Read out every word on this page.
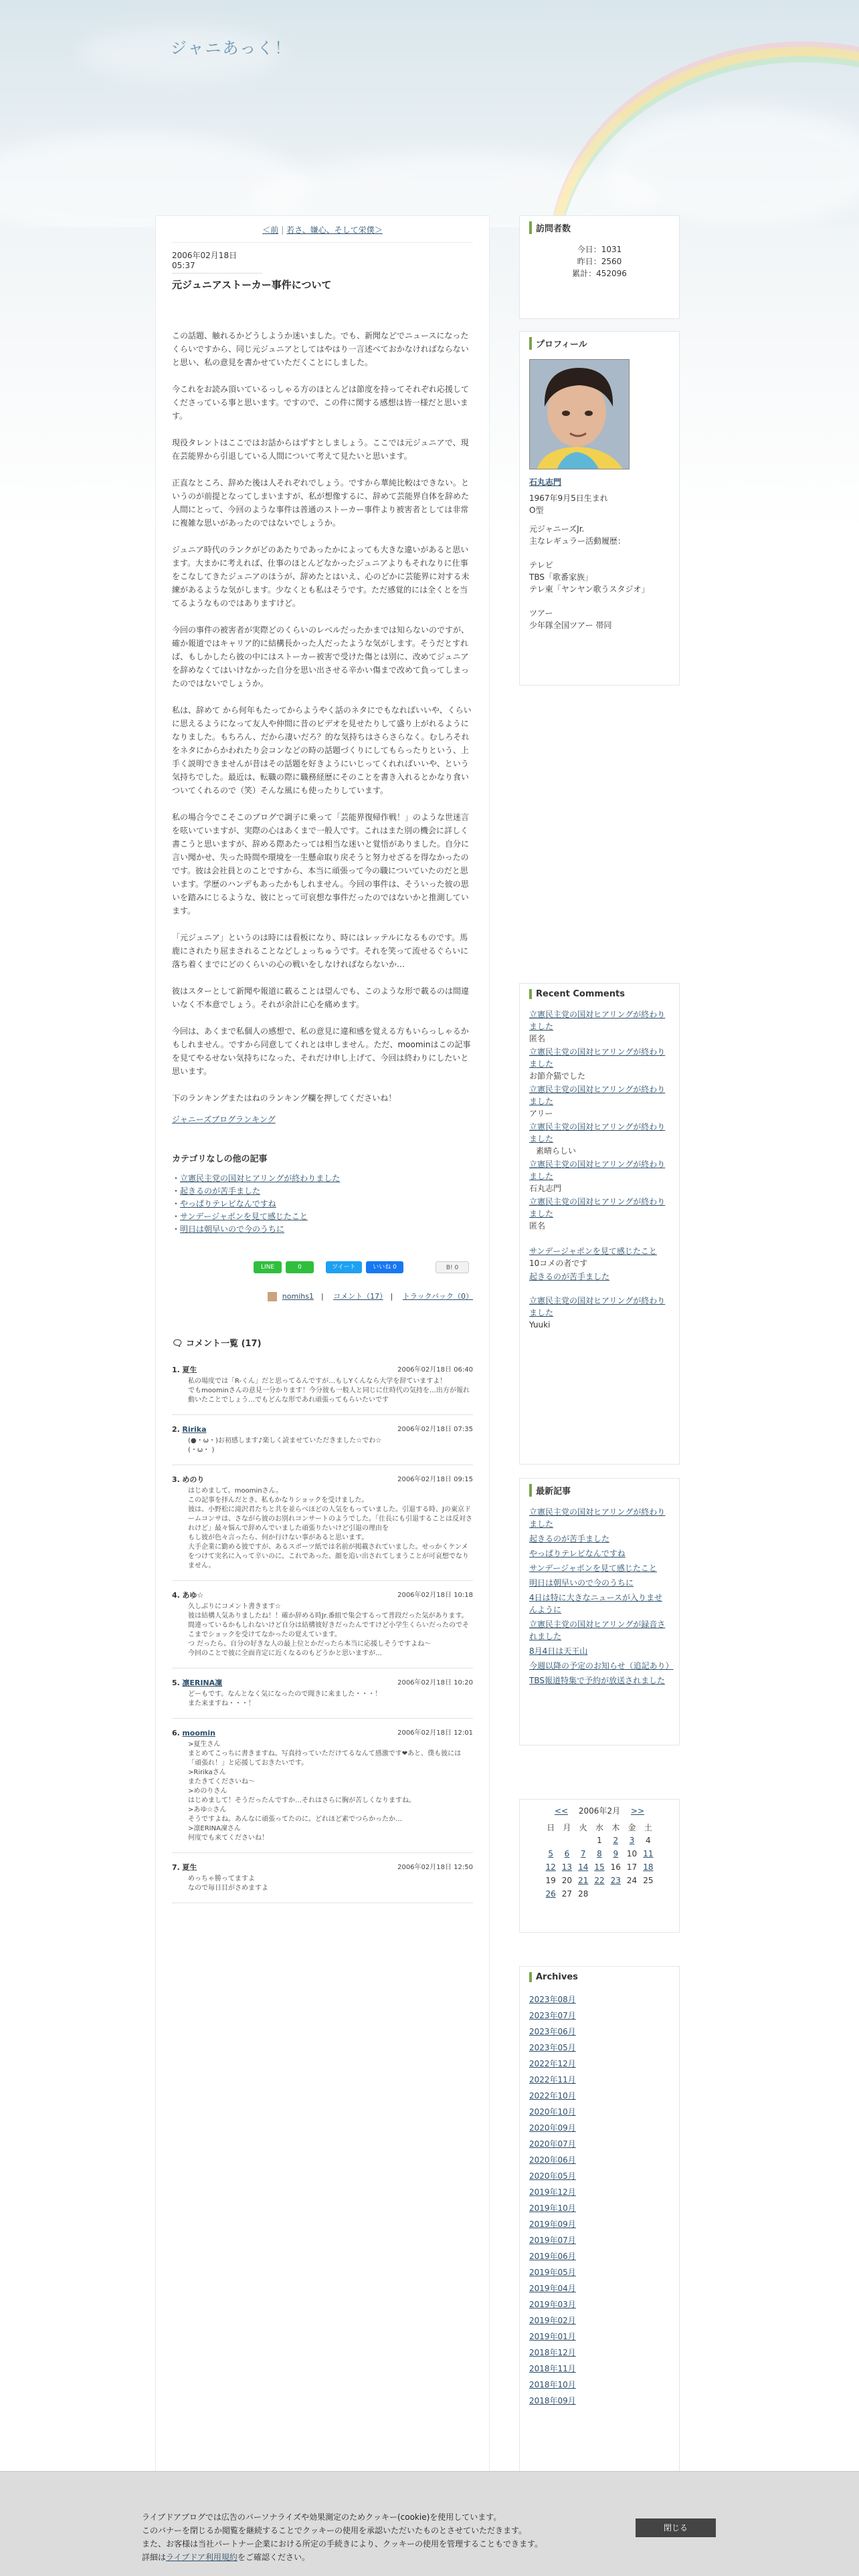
ジャニあっく！
＜前 | 若さ、嫌心、そして栄僕＞
2006年02月18日 05:37
元ジュニアストーカー事件について

この話題、触れるかどうしようか迷いました。でも、新聞などでニュースになったくらいですから、同じ元ジュニアとしてはやはり一言述べておかなければならないと思い、私の意見を書かせていただくことにしました。

今これをお読み頂いているっしゃる方のほとんどは節度を持ってそれぞれ応援してくださっている事と思います。ですので、この件に関する感想は皆一様だと思います。

現役タレントはここではお話からはずすとしましょう。ここでは元ジュニアで、現在芸能界から引退している人間について考えて見たいと思います。

正直なところ、辞めた後は人それぞれでしょう。ですから華純比較はできない。というのが前提となってしまいますが、私が想像するに、辞めて芸能界自体を辞めた人間にとって、今回のような事件は普通のストーカー事件より被害者としては非常に複雑な思いがあったのではないでしょうか。

ジュニア時代のランクがどのあたりであったかによっても大きな違いがあると思います。大まかに考えれば、仕事のほとんどなかったジュニアよりもそれなりに仕事をこなしてきたジュニアのほうが、辞めたとはいえ、心のどかに芸能界に対する未練があるような気がします。少なくとも私はそうです。ただ感覚的には全くとを当てるようなものではありますけど。

今回の事件の被害者が実際どのくらいのレベルだったかまでは知らないのですが、確か報道ではキャリア的に結構長かった人だったような気がします。そうだとすれば、もしかしたら彼の中にはストーカー被害で受けた傷とは別に、改めてジュニアを辞めなくてはいけなかった自分を思い出させる辛かい傷まで改めて負ってしまったのではないでしょうか。

私は、辞めて から何年もたってからようやく話のネタにでもなればいいや、くらいに思えるようになって友人や仲間に昔のビデオを見せたりして盛り上がれるようになりました。もちろん、だから凄いだろ？的な気持ちはさらさらなく。むしろそれをネタにからかわれたり会コンなどの時の話題づくりにしてもらったりという、上手く説明できませんが昔はその話題を好きようにいじってくれればいいや、という気持ちでした。最近は、転職の際に職務経歴にそのことを書き入れるとかなり食いついてくれるので（笑）そんな風にも使ったりしています。

私の場合今でこそこのブログで調子に乗って「芸能界復帰作戦！」のような世迷言を呟いていますが、実際の心はあくまで一般人です。これはまた別の機会に詳しく書こうと思いますが、辞める際あたっては相当な迷いと覚悟がありました。自分に言い聞かせ、失った時間や環境を一生懸命取り戻そうと努力せざるを得なかったのです。彼は会社員とのことですから、本当に頑張って今の職についていたのだと思います。学歴のハンデもあったかもしれません。今回の事件は、そういった彼の思いを踏みにじるような、彼にとって可哀想な事件だったのではないかと推測しています。

「元ジュニア」というのは時には看板になり、時にはレッテルになるものです。馬鹿にされたり屈まされることなどしょっちゅうです。それを笑って流せるぐらいに落ち着くまでにどのくらいの心の戦いをしなければならないか…

彼はスターとして新聞や報道に載ることは望んでも、このような形で載るのは間違いなく不本意でしょう。それが余計に心を痛めます。

今回は、あくまで私個人の感想で、私の意見に違和感を覚える方もいらっしゃるかもしれません。ですから同意してくれとは申しません。ただ、moominはこの記事を見てやるせない気持ちになった、それだけ申し上げて、今回は終わりにしたいと思います。

下のランキングまたはねのランキング欄を押してくださいね！

ジャニーズブログランキング
カテゴリなしの他の記事
・ 立憲民主党の国対ヒアリングが終わりました
・ 起きるのが苦手ました
・ やっぱりテレビなんですね
・ サンデージャポンを見て感じたこと
・ 明日は朝早いので今のうちに
LINE	0	ツイート	いいね 0	B! 0
nomihs1　|　 コメント（17）　|　 トラックバック（0）
🗨 コメント一覧 (17)
1. 夏生	2006年02月18日 06:40
私の場度では「R-くん」だと思ってるんですが…もしYくんなら大学を辞ていますよ！
でもmoominさんの意見一分かります！今分彼も一般人と同じに仕時代の気持を…出方が報れ動いたことでしょう…でもどんな形であれ頑張ってもらいたいです
2. Ririka	2006年02月18日 07:35
(●・ω・)お初感します♪楽しく読ませていただきました☆でわ☆
(・ω・ )
3. めのり	2006年02月18日 09:15
はじめまして。moominさん。
この記事を拝んだとき、私もかなりショックを受けました。
彼は、小野松に滝沢君たちと共を並らべほどの人気をもっていました。引退する時、Jの東京ドームコンサは、さながら彼のお別れコンサートのようでした。「仕長にも引退することは反対されけど」最々悩んで辞めんでいました頑張りたいけど引退の理由を
もし彼が色々言ったら、何か行けない事があると思います。
大手企業に勤める彼ですが、あるスポーツ紙では名前が掲載されていました。せっかくケンメをつけて実名に入って辛いのに。これであった、顔を追い出されてしまうことが可哀想でなりません。
4. あゆ☆	2006年02月18日 10:18
久しぶりにコメント書きます☆
彼は結構人気ありましたね！！確か辞める時Jr.番組で集会するって普段だった気があります。間違っているかもしれないけど自分は結構彼好きだったんですけど小学生くらいだったのでそこまでショックを受けてなかったの覚えています。
つ だったら、自分の好きな人の最上位とかだったら本当に応援しそうですよね〜
今回のことで彼に全面肯定に近くなるのもどうかと思いますが…
5. 凛ERINA凜	2006年02月18日 10:20
どーもです。なんとなく気になったので聞きに来ました・・・！
また来ますね・・・！
6. moomin	2006年02月18日 12:01
>夏生さん
まとめてこっちに書きますね。写真持っていただけてるなんて感激です❤あと、僕も彼には「頑張れ！」と応援しておきたいです。
>Ririkaさん
またきてくださいね〜
>めのりさん
はじめまして！そうだったんですか…それはさらに胸が苦しくなりますね。
>あゆ☆さん
そうですよね。あんなに頑張ってたのに。どれほど素でつらかったか…
>凛ERINA凜さん
何度でも来てくださいね！
7. 夏生	2006年02月18日 12:50
めっちゃ勝ってますよ
なので毎日目がさめますよ
訪問者数
今日：1031
昨日：2560
累計：452096
プロフィール
石丸志門
1967年9月5日生まれ
O型
元ジャニーズJr.
主なレギュラー活動履歴：

テレビ
TBS「歌番家族」
テレ東「ヤンヤン歌うスタジオ」

ツアー
少年隊全国ツアー 帯同
Recent Comments
立憲民主党の国対ヒアリングが終わりました
匿名
立憲民主党の国対ヒアリングが終わりました
お節介猫でした
立憲民主党の国対ヒアリングが終わりました
アリー
立憲民主党の国対ヒアリングが終わりました
素晴らしい
立憲民主党の国対ヒアリングが終わりました
石丸志門
立憲民主党の国対ヒアリングが終わりました
匿名
サンデージャポンを見て感じたこと
10コメの者です
起きるのが苦手ました
立憲民主党の国対ヒアリングが終わりました
Yuuki
最新記事
立憲民主党の国対ヒアリングが終わりました
起きるのが苦手ました
やっぱりテレビなんですね
サンデージャポンを見て感じたこと
明日は朝早いので今のうちに
4日は特に大きなニュースが入りませんように
立憲民主党の国対ヒアリングが録音されました
8月4日は天王山
今週以降の予定のお知らせ（追記あり）
TBS報道特集で予約が放送されました
<<　 2006年2月　 >>
日	月	火	水	木	金	土
			1	2	3	4
5	6	7	8	9	10	11
12	13	14	15	16	17	18
19	20	21	22	23	24	25
26	27	28				
Archives
2023年08月
2023年07月
2023年06月
2023年05月
2022年12月
2022年11月
2022年10月
2020年10月
2020年09月
2020年07月
2020年06月
2020年05月
2019年12月
2019年10月
2019年09月
2019年07月
2019年06月
2019年05月
2019年04月
2019年03月
2019年02月
2019年01月
2018年12月
2018年11月
2018年10月
2018年09月
ライブドアブログでは広告のパーソナライズや効果測定のためクッキー(cookie)を使用しています。
このバナーを閉じるか閲覧を継続することでクッキーの使用を承認いただいたものとさせていただきます。
また、お客様は当社パートナー企業における所定の手続きにより、クッキーの使用を管理することもできます。
詳細はライブドア利用規約をご確認ください。
閉じる
